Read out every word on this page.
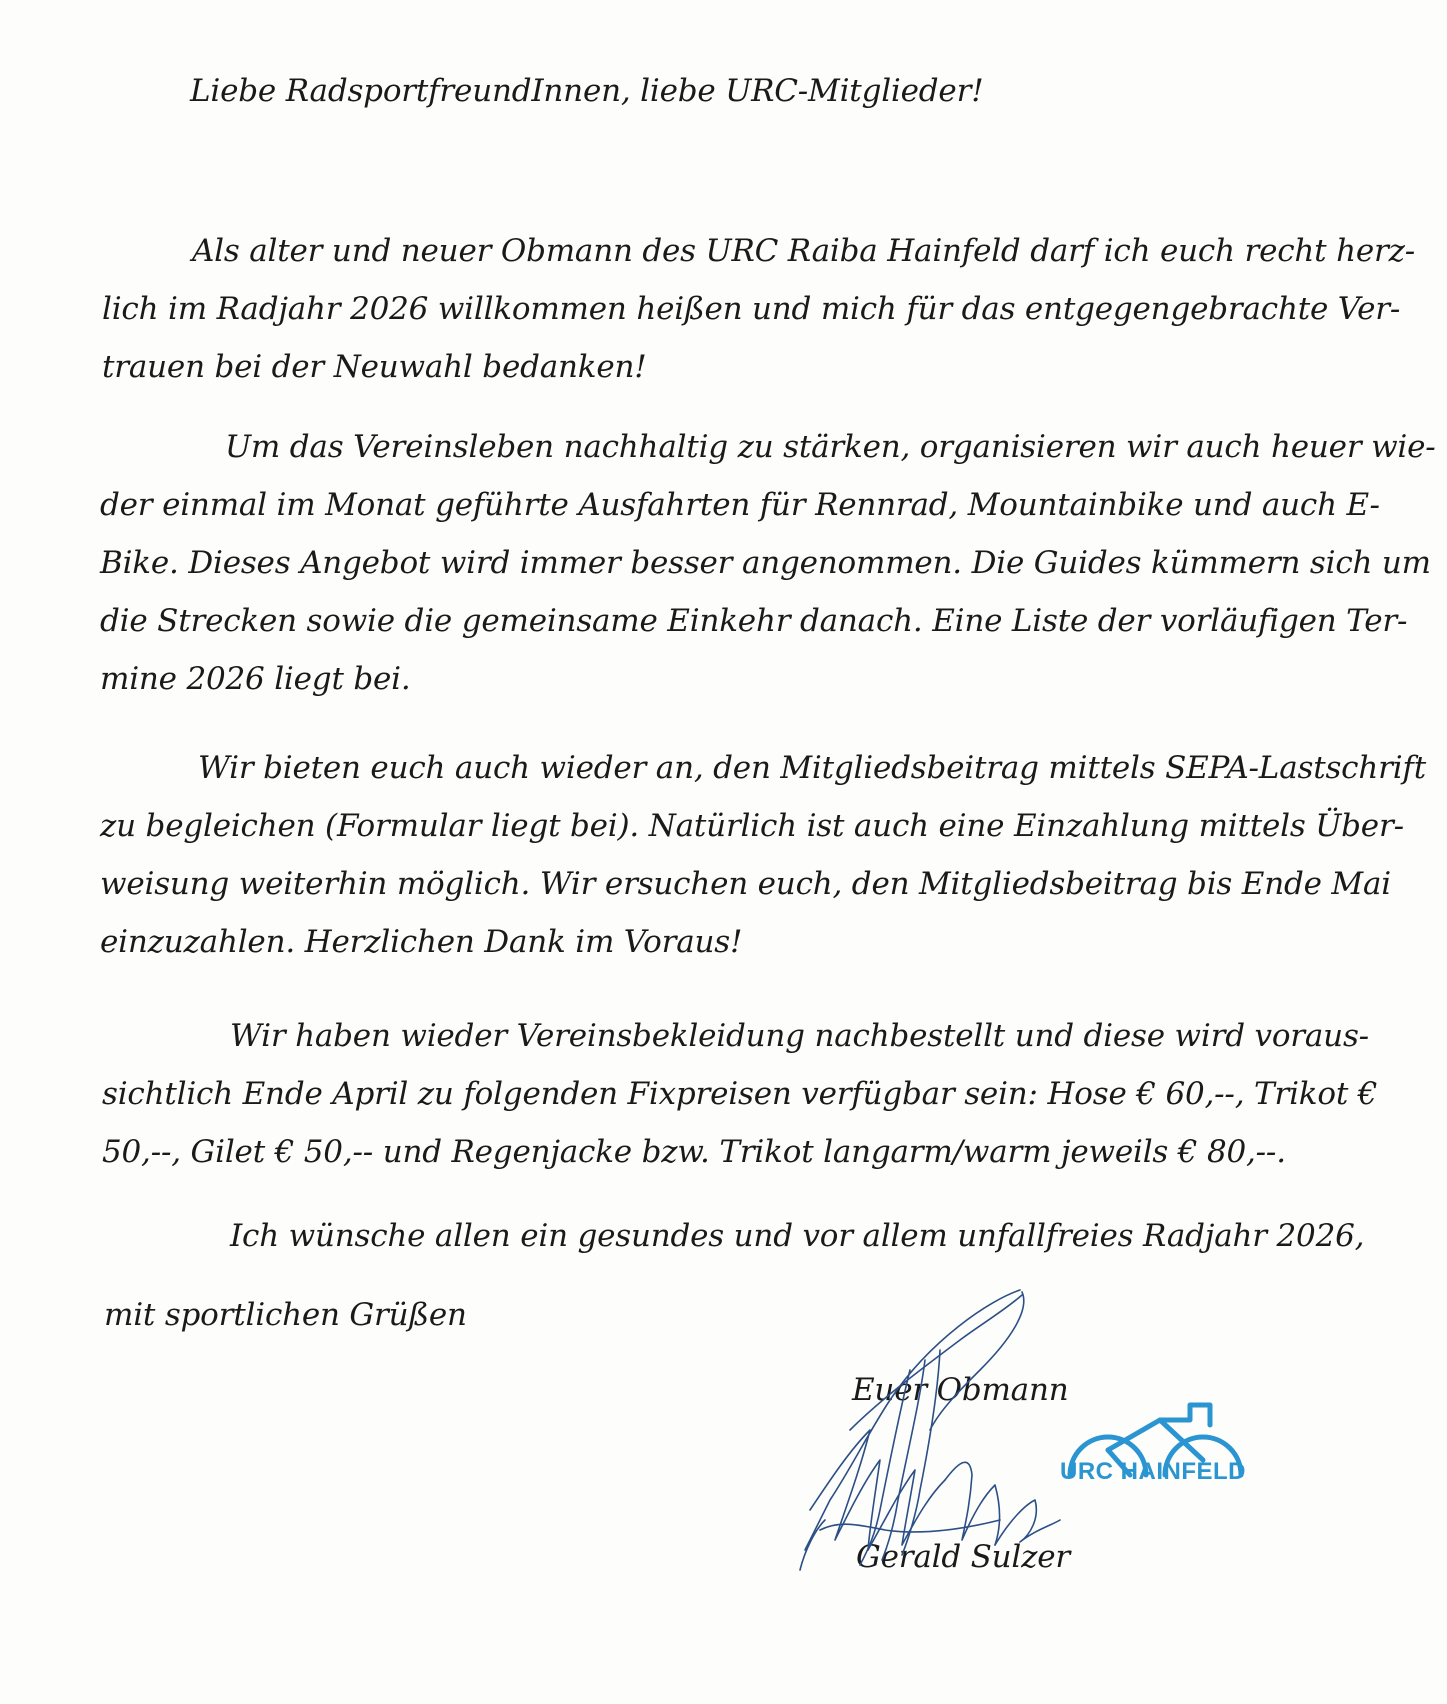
Liebe RadsportfreundInnen, liebe URC-Mitglieder!
Als alter und neuer Obmann des URC Raiba Hainfeld darf ich euch recht herz-
lich im Radjahr 2026 willkommen heißen und mich für das entgegengebrachte Ver-
trauen bei der Neuwahl bedanken!
Um das Vereinsleben nachhaltig zu stärken, organisieren wir auch heuer wie-
der einmal im Monat geführte Ausfahrten für Rennrad, Mountainbike und auch E-
Bike. Dieses Angebot wird immer besser angenommen. Die Guides kümmern sich um
die Strecken sowie die gemeinsame Einkehr danach. Eine Liste der vorläufigen Ter-
mine 2026 liegt bei.
Wir bieten euch auch wieder an, den Mitgliedsbeitrag mittels SEPA-Lastschrift
zu begleichen (Formular liegt bei). Natürlich ist auch eine Einzahlung mittels Über-
weisung weiterhin möglich. Wir ersuchen euch, den Mitgliedsbeitrag bis Ende Mai
einzuzahlen. Herzlichen Dank im Voraus!
Wir haben wieder Vereinsbekleidung nachbestellt und diese wird voraus-
sichtlich Ende April zu folgenden Fixpreisen verfügbar sein: Hose € 60,--, Trikot €
50,--, Gilet € 50,-- und Regenjacke bzw. Trikot langarm/warm jeweils € 80,--.
Ich wünsche allen ein gesundes und vor allem unfallfreies Radjahr 2026,
mit sportlichen Grüßen
Euer Obmann
Gerald Sulzer
URC HAINFELD
